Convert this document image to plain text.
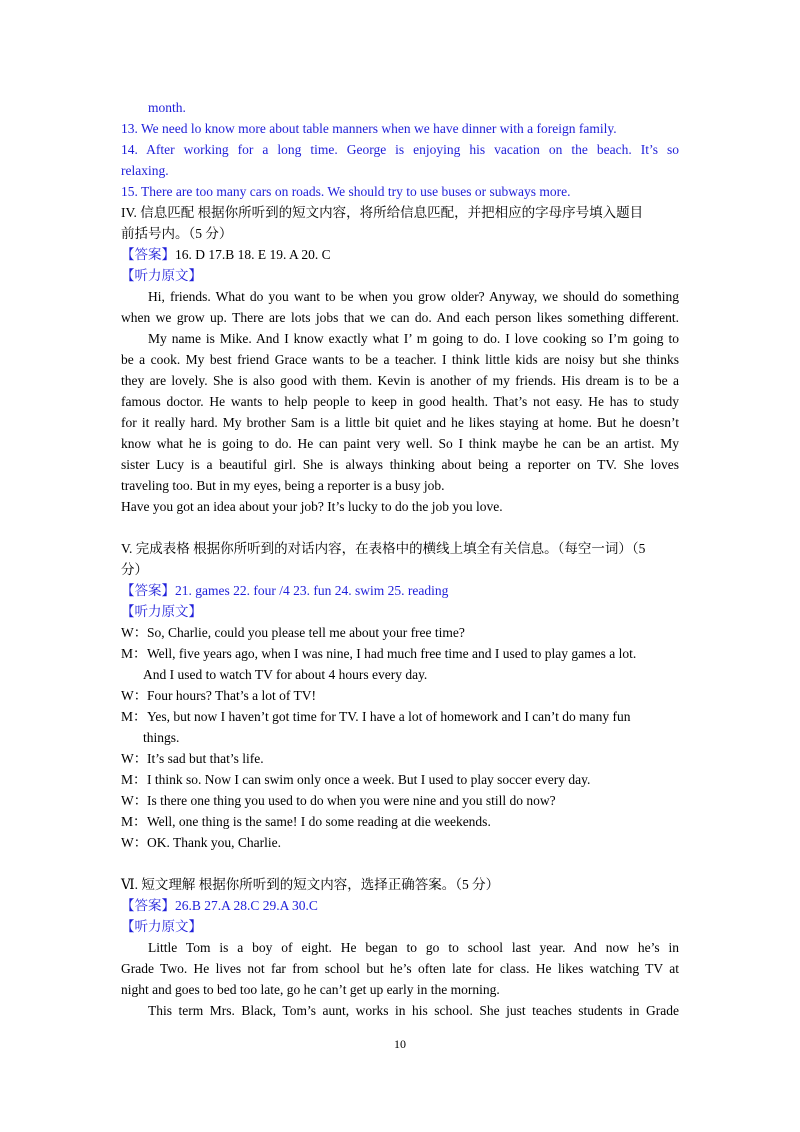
month.
13. We need lo know more about table manners when we have dinner with a foreign family.
14. After working for a long time. George is enjoying his vacation on the beach. It’s so
relaxing.
15. There are too many cars on roads. We should try to use buses or subways more.
IV. 信息匹配 根据你所听到的短文内容，将所给信息匹配，并把相应的字母序号填入题目
前括号内。（5 分）
【答案】16. D 17.B 18. E 19. A 20. C
【听力原文】
Hi, friends. What do you want to be when you grow older? Anyway, we should do something
when we grow up. There are lots jobs that we can do. And each person likes something different.
My name is Mike. And I know exactly what I’ m going to do. I love cooking so I’m going to
be a cook. My best friend Grace wants to be a teacher. I think little kids are noisy but she thinks
they are lovely. She is also good with them. Kevin is another of my friends. His dream is to be a
famous doctor. He wants to help people to keep in good health. That’s not easy. He has to study
for it really hard. My brother Sam is a little bit quiet and he likes staying at home. But he doesn’t
know what he is going to do. He can paint very well. So I think maybe he can be an artist. My
sister Lucy is a beautiful girl. She is always thinking about being a reporter on TV. She loves
traveling too. But in my eyes, being a reporter is a busy job.
Have you got an idea about your job? It’s lucky to do the job you love.
V. 完成表格 根据你所听到的对话内容，在表格中的横线上填全有关信息。（每空一词）（5
分）
【答案】21. games 22. four /4 23. fun 24. swim 25. reading
【听力原文】
W：So, Charlie, could you please tell me about your free time?
M：Well, five years ago, when I was nine, I had much free time and I used to play games a lot.
And I used to watch TV for about 4 hours every day.
W：Four hours? That’s a lot of TV!
M：Yes, but now I haven’t got time for TV. I have a lot of homework and I can’t do many fun
things.
W：It’s sad but that’s life.
M：I think so. Now I can swim only once a week. But I used to play soccer every day.
W：Is there one thing you used to do when you were nine and you still do now?
M：Well, one thing is the same! I do some reading at die weekends.
W：OK. Thank you, Charlie.
Ⅵ. 短文理解 根据你所听到的短文内容，选择正确答案。（5 分）
【答案】26.B 27.A 28.C 29.A 30.C
【听力原文】
Little Tom is a boy of eight. He began to go to school last year. And now he’s in
Grade Two. He lives not far from school but he’s often late for class. He likes watching TV at
night and goes to bed too late, go he can’t get up early in the morning.
This term Mrs. Black, Tom’s aunt, works in his school. She just teaches students in Grade
10
